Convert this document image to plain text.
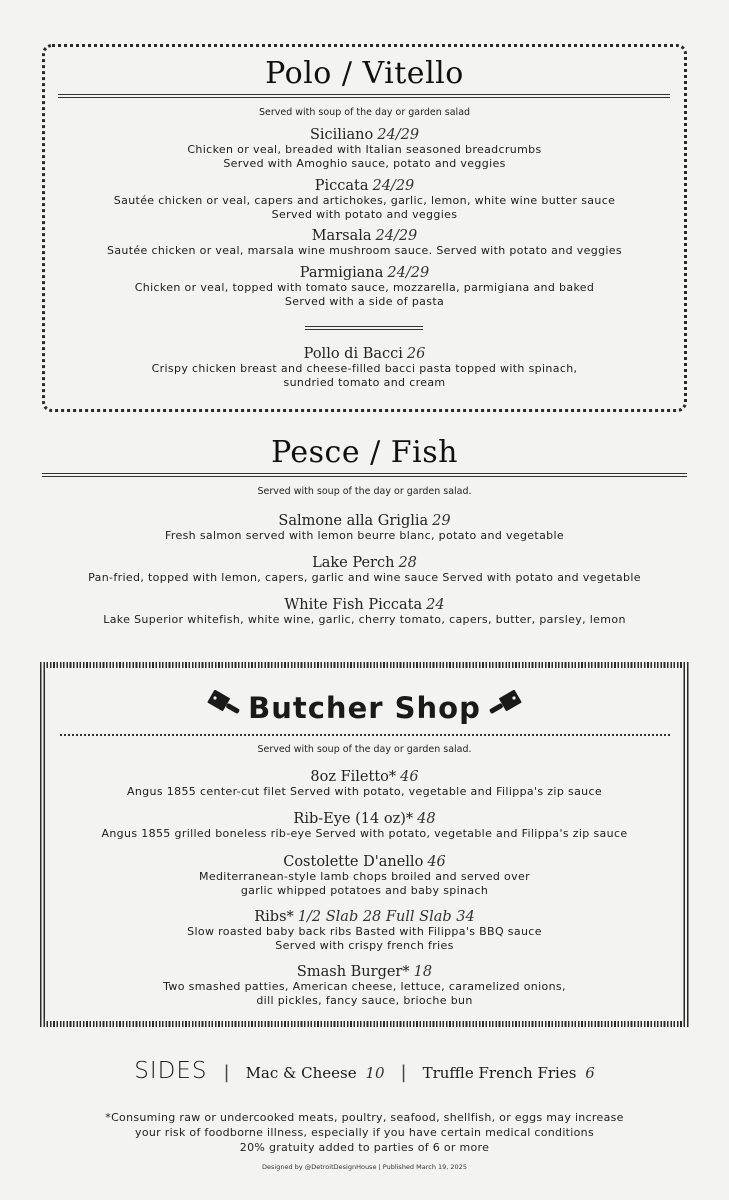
Polo / Vitello
Served with soup of the day or garden salad
Siciliano 24/29
Chicken or veal, breaded with Italian seasoned breadcrumbs
Served with Amoghio sauce, potato and veggies
Piccata 24/29
Sautée chicken or veal, capers and artichokes, garlic, lemon, white wine butter sauce
Served with potato and veggies
Marsala 24/29
Sautée chicken or veal, marsala wine mushroom sauce. Served with potato and veggies
Parmigiana 24/29
Chicken or veal, topped with tomato sauce, mozzarella, parmigiana and baked
Served with a side of pasta
Pollo di Bacci 26
Crispy chicken breast and cheese-filled bacci pasta topped with spinach,
sundried tomato and cream
Pesce / Fish
Served with soup of the day or garden salad.
Salmone alla Griglia 29
Fresh salmon served with lemon beurre blanc, potato and vegetable
Lake Perch 28
Pan-fried, topped with lemon, capers, garlic and wine sauce Served with potato and vegetable
White Fish Piccata 24
Lake Superior whitefish, white wine, garlic, cherry tomato, capers, butter, parsley, lemon
Butcher Shop
Served with soup of the day or garden salad.
8oz Filetto* 46
Angus 1855 center-cut filet Served with potato, vegetable and Filippa's zip sauce
Rib-Eye (14 oz)* 48
Angus 1855 grilled boneless rib-eye Served with potato, vegetable and Filippa's zip sauce
Costolette D'anello 46
Mediterranean-style lamb chops broiled and served over
garlic whipped potatoes and baby spinach
Ribs* 1/2 Slab 28 Full Slab 34
Slow roasted baby back ribs Basted with Filippa's BBQ sauce
Served with crispy french fries
Smash Burger* 18
Two smashed patties, American cheese, lettuce, caramelized onions,
dill pickles, fancy sauce, brioche bun
SIDES | Mac & Cheese 10 | Truffle French Fries 6
*Consuming raw or undercooked meats, poultry, seafood, shellfish, or eggs may increase
your risk of foodborne illness, especially if you have certain medical conditions
20% gratuity added to parties of 6 or more
Designed by @DetroitDesignHouse | Published March 19, 2025
